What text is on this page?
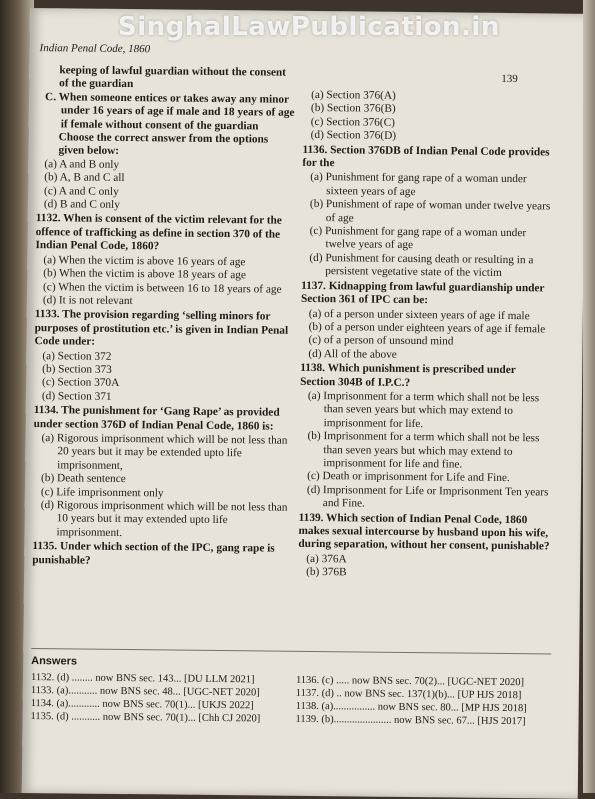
Indian Penal Code, 1860
139

keeping of lawful guardian without the consent of the guardian

C. When someone entices or takes away any minor under 16 years of age if male and 18 years of age if female without consent of the guardian

Choose the correct answer from the options given below:

(a) A and B only

(b) A, B and C all

(c) A and C only

(d) B and C only

1132. When is consent of the victim relevant for the offence of trafficking as define in section 370 of the Indian Penal Code, 1860?

(a) When the victim is above 16 years of age

(b) When the victim is above 18 years of age

(c) When the victim is between 16 to 18 years of age

(d) It is not relevant

1133. The provision regarding ‘selling minors for purposes of prostitution etc.’ is given in Indian Penal Code under:

(a) Section 372

(b) Section 373

(c) Section 370A

(d) Section 371

1134. The punishment for ‘Gang Rape’ as provided under section 376D of Indian Penal Code, 1860 is:

(a) Rigorous imprisonment which will be not less than 20 years but it may be extended upto life imprisonment,

(b) Death sentence

(c) Life imprisonment only

(d) Rigorous imprisonment which will be not less than 10 years but it may extended upto life imprisonment.

1135. Under which section of the IPC, gang rape is punishable?

(a) Section 376(A)

(b) Section 376(B)

(c) Section 376(C)

(d) Section 376(D)

1136. Section 376DB of Indian Penal Code provides for the

(a) Punishment for gang rape of a woman under sixteen years of age

(b) Punishment of rape of woman under twelve years of age

(c) Punishment for gang rape of a woman under twelve years of age

(d) Punishment for causing death or resulting in a persistent vegetative state of the victim

1137. Kidnapping from lawful guardianship under Section 361 of IPC can be:

(a) of a person under sixteen years of age if male

(b) of a person under eighteen years of age if female

(c) of a person of unsound mind

(d) All of the above

1138. Which punishment is prescribed under Section 304B of I.P.C.?

(a) Imprisonment for a term which shall not be less than seven years but which may extend to imprisonment for life.

(b) Imprisonment for a term which shall not be less than seven years but which may extend to imprisonment for life and fine.

(c) Death or imprisonment for Life and Fine.

(d) Imprisonment for Life or Imprisonment Ten years and Fine.

1139. Which section of Indian Penal Code, 1860 makes sexual intercourse by husband upon his wife, during separation, without her consent, punishable?

(a) 376A

(b) 376B

Answers
1132. (d) ........ now BNS sec. 143... [DU LLM 2021]
1133. (a)........... now BNS sec. 48... [UGC-NET 2020]
1134. (a)............ now BNS sec. 70(1)... [UKJS 2022]
1135. (d) ........... now BNS sec. 70(1)... [Chh CJ 2020]
1136. (c) ..... now BNS sec. 70(2)... [UGC-NET 2020]
1137. (d) .. now BNS sec. 137(1)(b)... [UP HJS 2018]
1138. (a)................ now BNS sec. 80... [MP HJS 2018]
1139. (b)...................... now BNS sec. 67... [HJS 2017]
SinghalLawPublication.in
